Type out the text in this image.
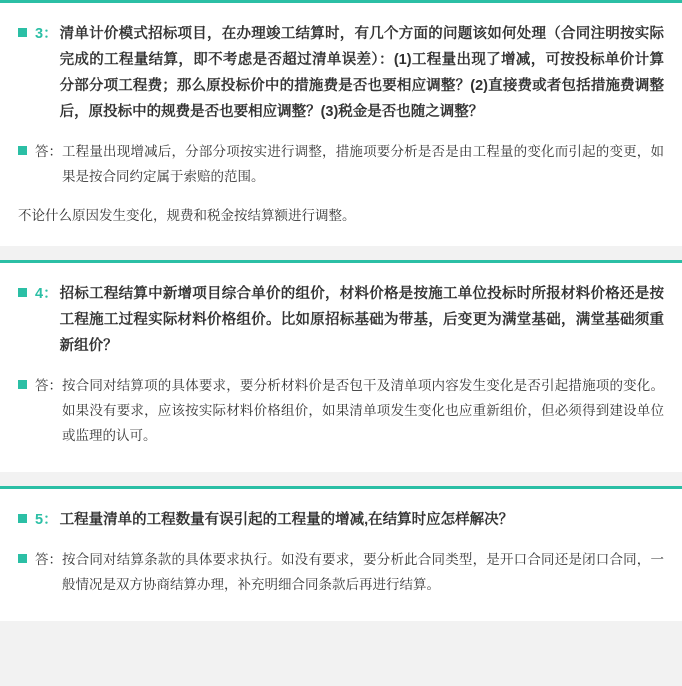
3： 清单计价模式招标项目，在办理竣工结算时，有几个方面的问题该如何处理（合同注明按实际完成的工程量结算，即不考虑是否超过清单误差）：(1)工程量出现了增减，可按投标单价计算分部分项工程费；那么原投标价中的措施费是否也要相应调整？(2)直接费或者包括措施费调整后，原投标中的规费是否也要相应调整？(3)税金是否也随之调整？
答： 工程量出现增减后，分部分项按实进行调整，措施项要分析是否是由工程量的变化而引起的变更，如果是按合同约定属于索赔的范围。
不论什么原因发生变化，规费和税金按结算额进行调整。
4： 招标工程结算中新增项目综合单价的组价，材料价格是按施工单位投标时所报材料价格还是按工程施工过程实际材料价格组价。比如原招标基础为带基，后变更为满堂基础，满堂基础须重新组价？
答： 按合同对结算项的具体要求，要分析材料价是否包干及清单项内容发生变化是否引起措施项的变化。如果没有要求，应该按实际材料价格组价，如果清单项发生变化也应重新组价，但必须得到建设单位或监理的认可。
5： 工程量清单的工程数量有误引起的工程量的增减,在结算时应怎样解决？
答： 按合同对结算条款的具体要求执行。如没有要求，要分析此合同类型，是开口合同还是闭口合同，一般情况是双方协商结算办理，补充明细合同条款后再进行结算。
